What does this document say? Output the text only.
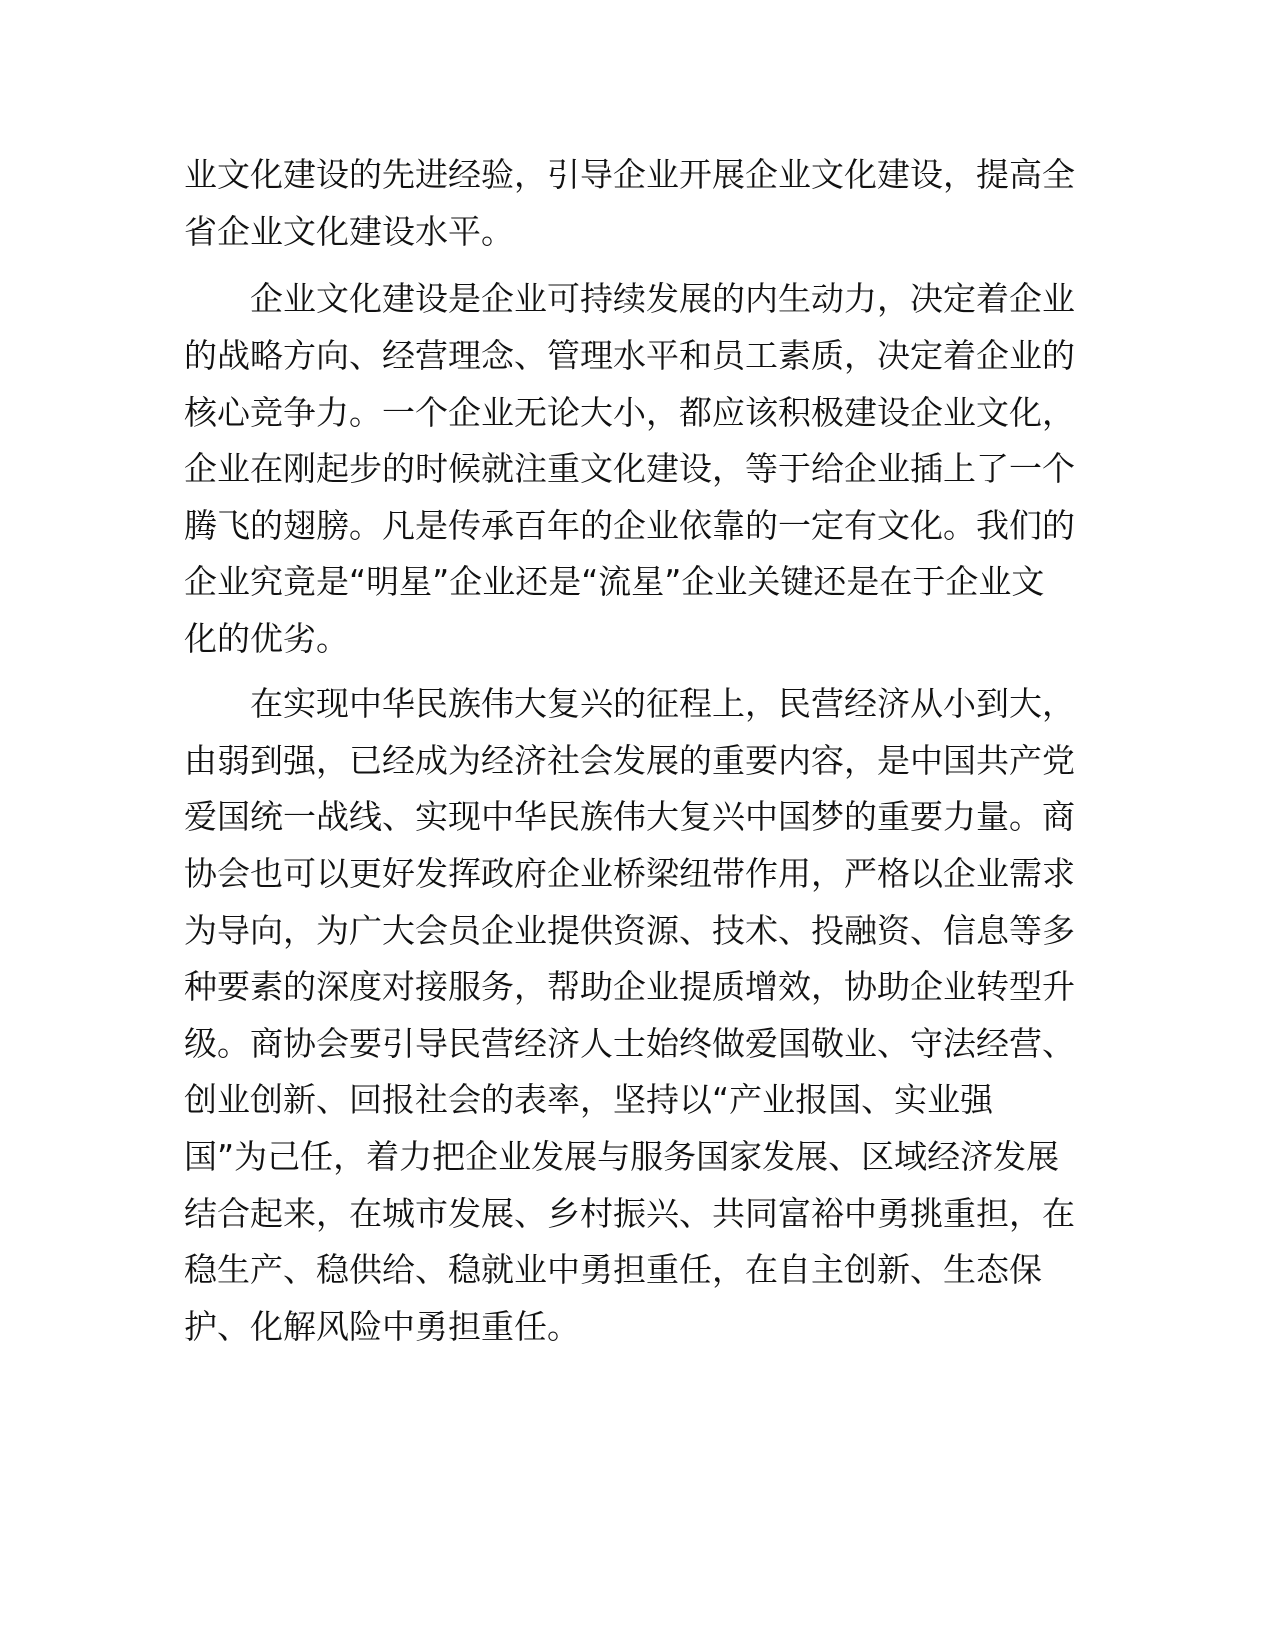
业文化建设的先进经验，引导企业开展企业文化建设，提高全
省企业文化建设水平。
企业文化建设是企业可持续发展的内生动力，决定着企业
的战略方向、经营理念、管理水平和员工素质，决定着企业的
核心竞争力。一个企业无论大小，都应该积极建设企业文化，
企业在刚起步的时候就注重文化建设，等于给企业插上了一个
腾飞的翅膀。凡是传承百年的企业依靠的一定有文化。我们的
企业究竟是“明星”企业还是“流星”企业关键还是在于企业文
化的优劣。
在实现中华民族伟大复兴的征程上，民营经济从小到大，
由弱到强，已经成为经济社会发展的重要内容，是中国共产党
爱国统一战线、实现中华民族伟大复兴中国梦的重要力量。商
协会也可以更好发挥政府企业桥梁纽带作用，严格以企业需求
为导向，为广大会员企业提供资源、技术、投融资、信息等多
种要素的深度对接服务，帮助企业提质增效，协助企业转型升
级。商协会要引导民营经济人士始终做爱国敬业、守法经营、
创业创新、回报社会的表率，坚持以“产业报国、实业强
国”为己任，着力把企业发展与服务国家发展、区域经济发展
结合起来，在城市发展、乡村振兴、共同富裕中勇挑重担，在
稳生产、稳供给、稳就业中勇担重任，在自主创新、生态保
护、化解风险中勇担重任。
